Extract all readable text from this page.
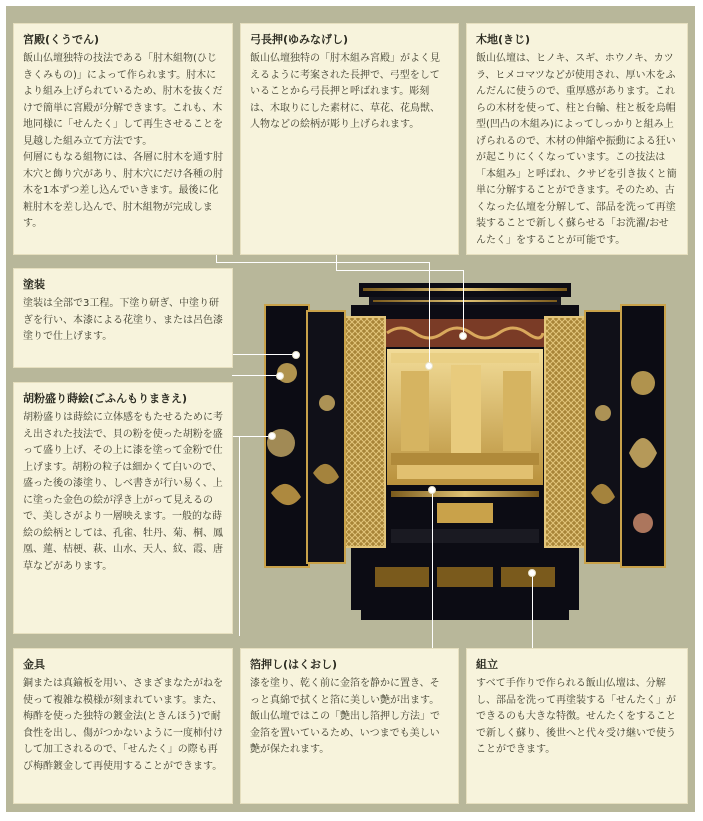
宮殿(くうでん)

飯山仏壇独特の技法である「肘木組物(ひじきくみもの)」によって作られます。肘木により組み上げられているため、肘木を抜くだけで簡単に宮殿が分解できます。これも、木地同様に「せんたく」して再生させることを見越した組み立て方法です。
何層にもなる組物には、各層に肘木を通す肘木穴と飾り穴があり、肘木穴にだけ各種の肘木を1本ずつ差し込んでいきます。最後に化粧肘木を差し込んで、肘木組物が完成します。

弓長押(ゆみなげし)

飯山仏壇独特の「肘木組み宮殿」がよく見えるように考案された長押で、弓型をしていることから弓長押と呼ばれます。彫刻は、木取りにした素材に、草花、花鳥獣、人物などの絵柄が彫り上げられます。

木地(きじ)

飯山仏壇は、ヒノキ、スギ、ホウノキ、カツラ、ヒメコマツなどが使用され、厚い木をふんだんに使うので、重厚感があります。これらの木材を使って、柱と台輪、柱と板を烏帽型(凹凸の木組み)によってしっかりと組み上げられるので、木材の伸縮や振動による狂いが起こりにくくなっています。この技法は「本組み」と呼ばれ、クサビを引き抜くと簡単に分解することができます。そのため、古くなった仏壇を分解して、部品を洗って再塗装することで新しく蘇らせる「お洗濯/おせんたく」をすることが可能です。

塗装

塗装は全部で3工程。下塗り研ぎ、中塗り研ぎを行い、本漆による花塗り、または呂色漆塗りで仕上げます。

胡粉盛り蒔絵(ごふんもりまきえ)

胡粉盛りは蒔絵に立体感をもたせるために考え出された技法で、貝の粉を使った胡粉を盛って盛り上げ、その上に漆を塗って金粉で仕上げます。胡粉の粒子は細かくて白いので、盛った後の漆塗り、しべ書きが行い易く、上に塗った金色の絵が浮き上がって見えるので、美しさがより一層映えます。一般的な蒔絵の絵柄としては、孔雀、牡丹、菊、桐、鳳凰、蓮、桔梗、萩、山水、天人、紋、霞、唐草などがあります。

金具

銅または真鍮板を用い、さまざまなたがねを使って複雑な模様が刻まれています。また、梅酢を使った独特の鍍金法(ときんほう)で耐食性を出し、傷がつかないように一度柿付けして加工されるので、「せんたく」の際も再び梅酢鍍金して再使用することができます。

箔押し(はくおし)

漆を塗り、乾く前に金箔を静かに置き、そっと真綿で拭くと箔に美しい艶が出ます。飯山仏壇ではこの「艶出し箔押し方法」で金箔を置いているため、いつまでも美しい艶が保たれます。

組立

すべて手作りで作られる飯山仏壇は、分解し、部品を洗って再塗装する「せんたく」ができるのも大きな特徴。せんたくをすることで新しく蘇り、後世へと代々受け継いで使うことができます。
